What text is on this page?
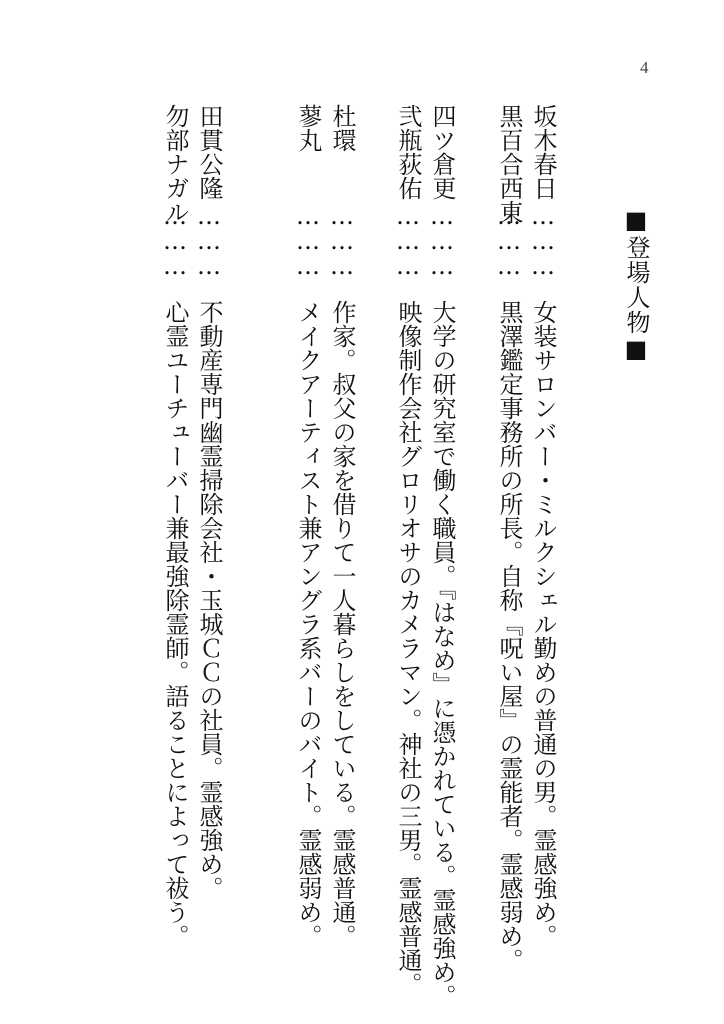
4
■登場人物■
坂木春日
………
女装サロンバー・ミルクシェル勤めの普通の男。霊感強め。
黒百合西東
………
黒澤鑑定事務所の所長。自称『呪い屋』の霊能者。霊感弱め。
四ツ倉更
………
大学の研究室で働く職員。『はなめ』に憑かれている。霊感強め。
弐瓶荻佑
………
映像制作会社グロリオサのカメラマン。神社の三男。霊感普通。
杜環
………
作家。叔父の家を借りて一人暮らしをしている。霊感普通。
蓼丸
………
メイクアーティスト兼アングラ系バーのバイト。霊感弱め。
田貫公隆
………
不動産専門幽霊掃除会社・玉城ＣＣの社員。霊感強め。
勿部ナガル
………
心霊ユーチューバー兼最強除霊師。語ることによって祓う。
